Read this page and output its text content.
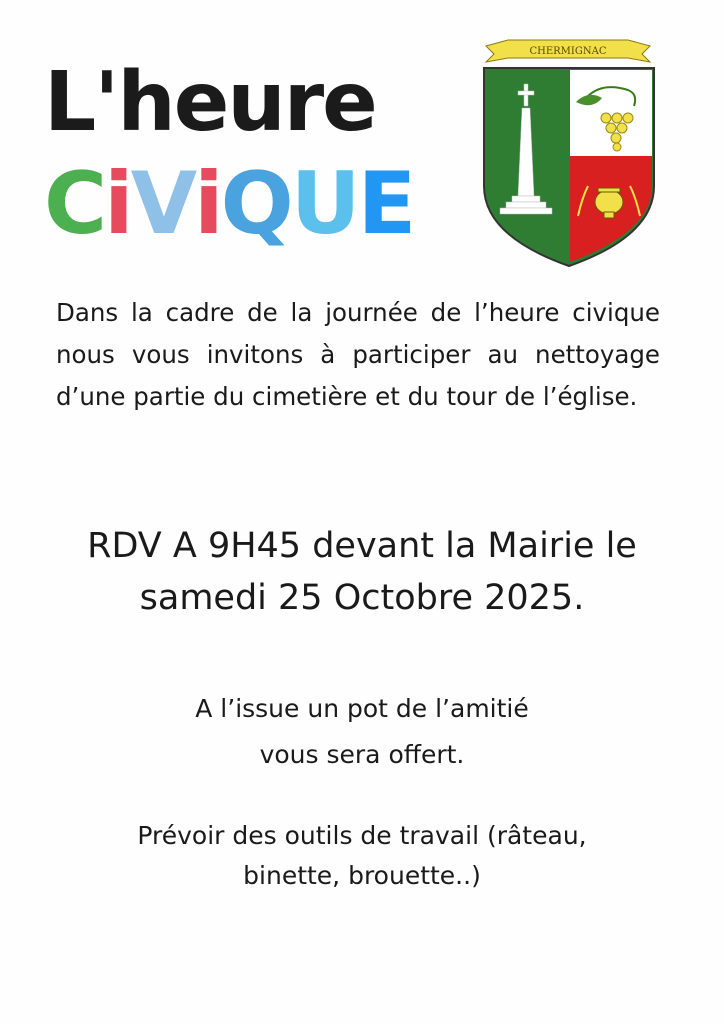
L'heure
CiViQUE
CHERMIGNAC
Dans la cadre de la journée de l’heure civique nous vous invitons à participer au nettoyage d’une partie du cimetière et du tour de l’église.
RDV A 9H45 devant la Mairie le
samedi 25 Octobre 2025.
A l’issue un pot de l’amitié
vous sera offert.
Prévoir des outils de travail (râteau,
binette, brouette..)
